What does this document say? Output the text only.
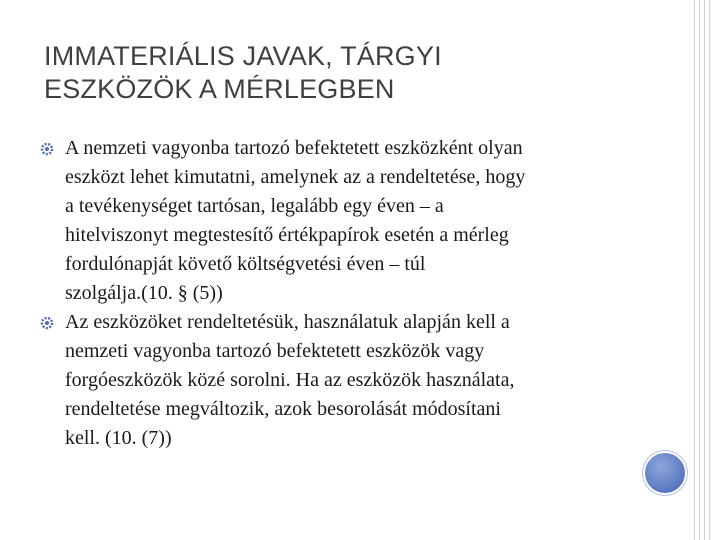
IMMATERIÁLIS JAVAK, TÁRGYI
ESZKÖZÖK A MÉRLEGBEN
A nemzeti vagyonba tartozó befektetett eszközként olyan
eszközt lehet kimutatni, amelynek az a rendeltetése, hogy
a tevékenységet tartósan, legalább egy éven – a
hitelviszonyt megtestesítő értékpapírok esetén a mérleg
fordulónapját követő költségvetési éven – túl
szolgálja.(10. § (5))
Az eszközöket rendeltetésük, használatuk alapján kell a
nemzeti vagyonba tartozó befektetett eszközök vagy
forgóeszközök közé sorolni. Ha az eszközök használata,
rendeltetése megváltozik, azok besorolását módosítani
kell. (10. (7))
